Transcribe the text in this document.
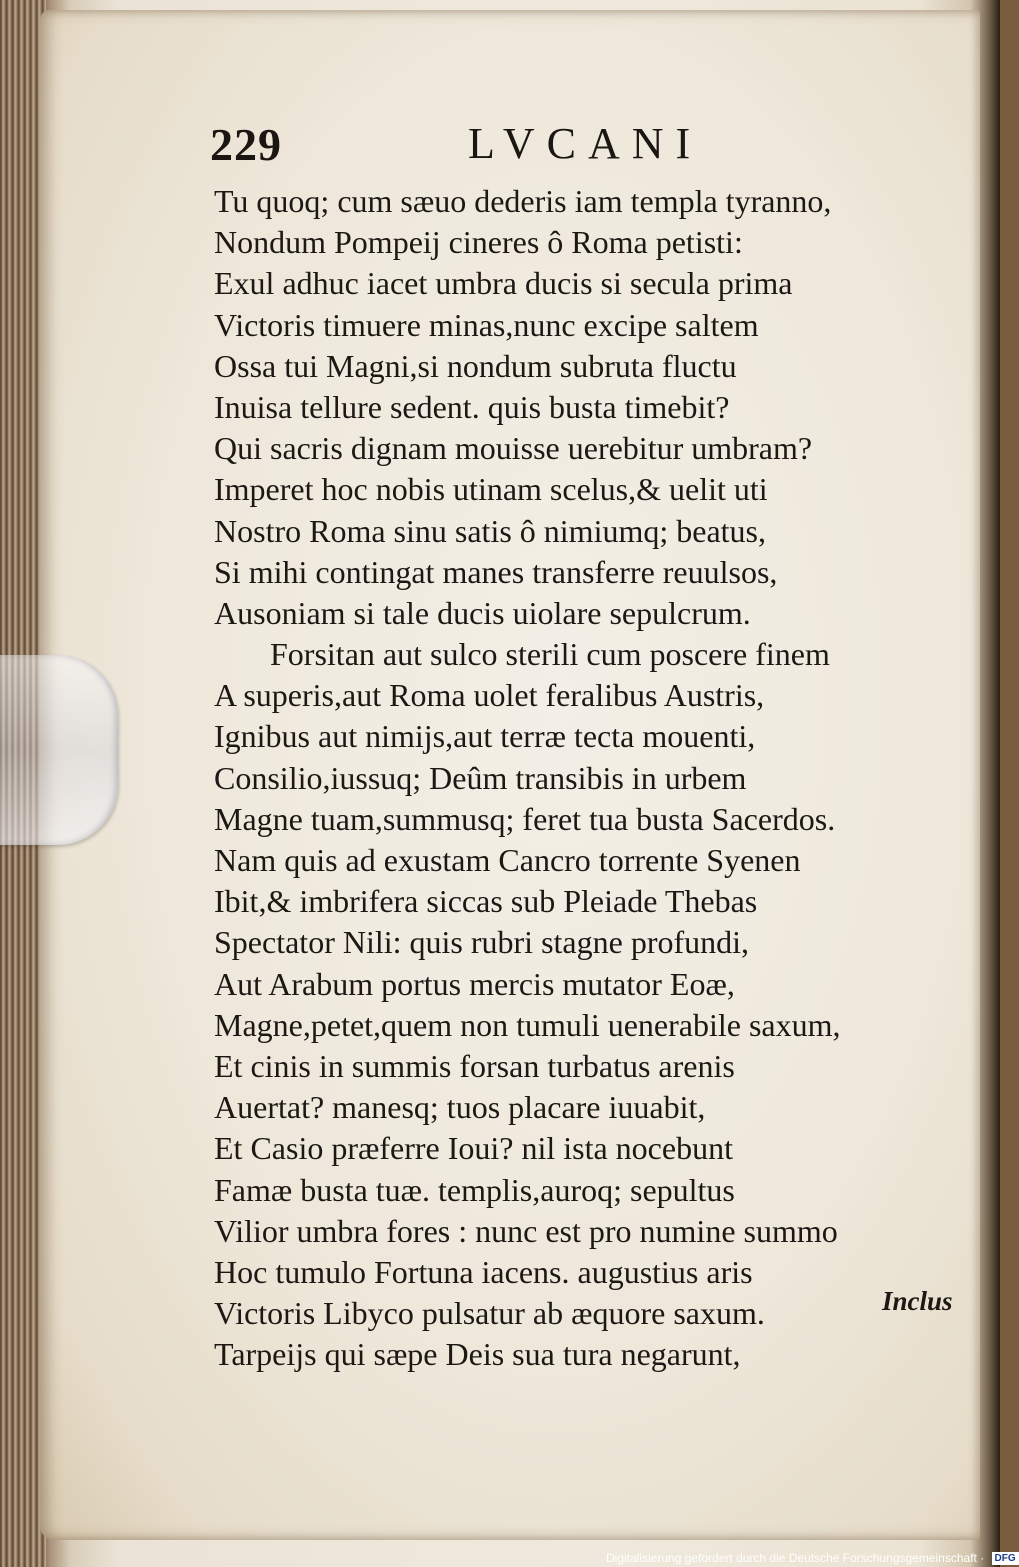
229	LVCANI
Tu quoq; cum sæuo dederis iam templa tyranno,
Nondum Pompeij cineres ô Roma petisti:
Exul adhuc iacet umbra ducis si secula prima
Victoris timuere minas,nunc excipe saltem
Ossa tui Magni,si nondum subruta fluctu
Inuisa tellure sedent. quis busta timebit?
Qui sacris dignam mouisse uerebitur umbram?
Imperet hoc nobis utinam scelus,& uelit uti
Nostro Roma sinu satis ô nimiumq; beatus,
Si mihi contingat manes transferre reuulsos,
Ausoniam si tale ducis uiolare sepulcrum.
Forsitan aut sulco sterili cum poscere finem
A superis,aut Roma uolet feralibus Austris,
Ignibus aut nimijs,aut terræ tecta mouenti,
Consilio,iussuq; Deûm transibis in urbem
Magne tuam,summusq; feret tua busta Sacerdos.
Nam quis ad exustam Cancro torrente Syenen
Ibit,& imbrifera siccas sub Pleiade Thebas
Spectator Nili: quis rubri stagne profundi,
Aut Arabum portus mercis mutator Eoæ,
Magne,petet,quem non tumuli uenerabile saxum,
Et cinis in summis forsan turbatus arenis
Auertat? manesq; tuos placare iuuabit,
Et Casio præferre Ioui? nil ista nocebunt
Famæ busta tuæ. templis,auroq; sepultus
Vilior umbra fores : nunc est pro numine summo
Hoc tumulo Fortuna iacens. augustius aris
Victoris Libyco pulsatur ab æquore saxum.
Tarpeijs qui sæpe Deis sua tura negarunt,
Inclus
Digitalisierung gefördert durch die Deutsche Forschungsgemeinschaft · DFG
